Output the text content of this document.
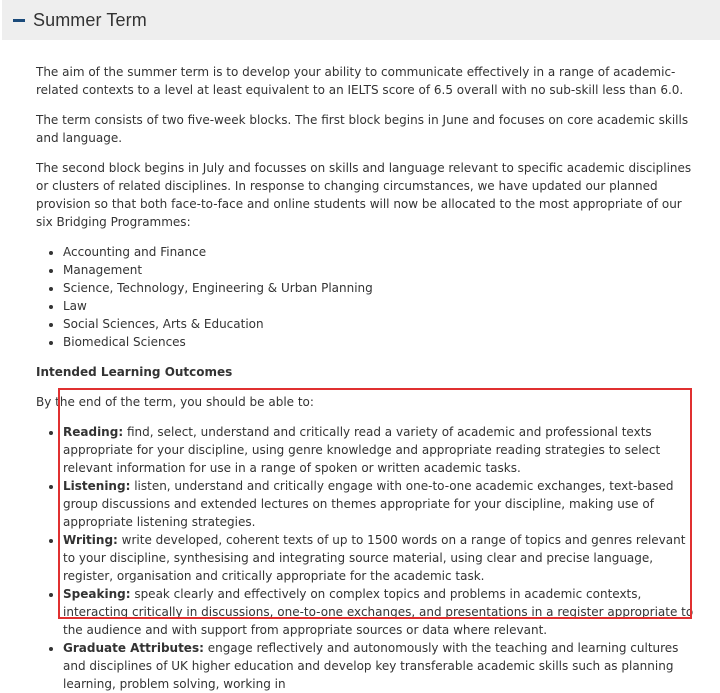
Summer Term

The aim of the summer term is to develop your ability to communicate effectively in a range of academic-related contexts to a level at least equivalent to an IELTS score of 6.5 overall with no sub-skill less than 6.0.

The term consists of two five-week blocks. The first block begins in June and focuses on core academic skills and language.

The second block begins in July and focusses on skills and language relevant to specific academic disciplines or clusters of related disciplines. In response to changing circumstances, we have updated our planned provision so that both face-to-face and online students will now be allocated to the most appropriate of our six Bridging Programmes:

• Accounting and Finance
• Management
• Science, Technology, Engineering & Urban Planning
• Law
• Social Sciences, Arts & Education
• Biomedical Sciences

Intended Learning Outcomes

By the end of the term, you should be able to:

• Reading: find, select, understand and critically read a variety of academic and professional texts appropriate for your discipline, using genre knowledge and appropriate reading strategies to select relevant information for use in a range of spoken or written academic tasks.
• Listening: listen, understand and critically engage with one-to-one academic exchanges, text-based group discussions and extended lectures on themes appropriate for your discipline, making use of appropriate listening strategies.
• Writing: write developed, coherent texts of up to 1500 words on a range of topics and genres relevant to your discipline, synthesising and integrating source material, using clear and precise language, register, organisation and critically appropriate for the academic task.
• Speaking: speak clearly and effectively on complex topics and problems in academic contexts, interacting critically in discussions, one-to-one exchanges, and presentations in a register appropriate to the audience and with support from appropriate sources or data where relevant.
• Graduate Attributes: engage reflectively and autonomously with the teaching and learning cultures and disciplines of UK higher education and develop key transferable academic skills such as planning learning, problem solving, working in
